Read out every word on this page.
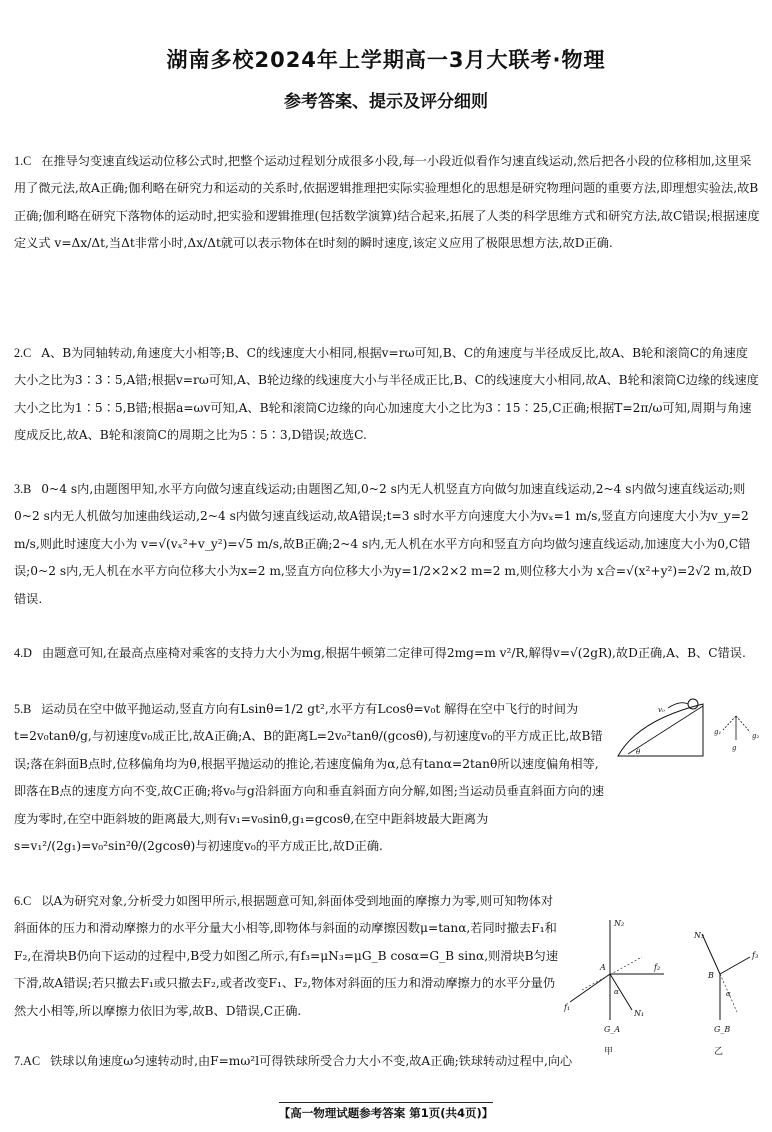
湖南多校2024年上学期高一3月大联考·物理
参考答案、提示及评分细则

1.C 在推导匀变速直线运动位移公式时,把整个运动过程划分成很多小段,每一小段近似看作匀速直线运动,然后把各小段的位移相加,这里采用了微元法,故A正确;伽利略在研究力和运动的关系时,依据逻辑推理把实际实验理想化的思想是研究物理问题的重要方法,即理想实验法,故B正确;伽利略在研究下落物体的运动时,把实验和逻辑推理(包括数学演算)结合起来,拓展了人类的科学思维方式和研究方法,故C错误;根据速度定义式 v=Δx/Δt,当Δt非常小时,Δx/Δt就可以表示物体在t时刻的瞬时速度,该定义应用了极限思想方法,故D正确.

2.C A、B为同轴转动,角速度大小相等;B、C的线速度大小相同,根据v=rω可知,B、C的角速度与半径成反比,故A、B轮和滚筒C的角速度大小之比为3∶3∶5,A错;根据v=rω可知,A、B轮边缘的线速度大小与半径成正比,B、C的线速度大小相同,故A、B轮和滚筒C边缘的线速度大小之比为1∶5∶5,B错;根据a=ωv可知,A、B轮和滚筒C边缘的向心加速度大小之比为3∶15∶25,C正确;根据T=2π/ω可知,周期与角速度成反比,故A、B轮和滚筒C的周期之比为5∶5∶3,D错误;故选C.

3.B 0~4 s内,由题图甲知,水平方向做匀速直线运动;由题图乙知,0~2 s内无人机竖直方向做匀加速直线运动,2~4 s内做匀速直线运动;则0~2 s内无人机做匀加速曲线运动,2~4 s内做匀速直线运动,故A错误;t=3 s时水平方向速度大小为vₓ=1 m/s,竖直方向速度大小为v_y=2 m/s,则此时速度大小为 v=√(vₓ²+v_y²)=√5 m/s,故B正确;2~4 s内,无人机在水平方向和竖直方向均做匀速直线运动,加速度大小为0,C错误;0~2 s内,无人机在水平方向位移大小为x=2 m,竖直方向位移大小为y=1/2×2×2 m=2 m,则位移大小为 x合=√(x²+y²)=2√2 m,故D错误.

4.D 由题意可知,在最高点座椅对乘客的支持力大小为mg,根据牛顿第二定律可得2mg=m v²/R,解得v=√(2gR),故D正确,A、B、C错误.

5.B 运动员在空中做平抛运动,竖直方向有Lsinθ=1/2 gt²,水平方有Lcosθ=v₀t 解得在空中飞行的时间为t=2v₀tanθ/g,与初速度v₀成正比,故A正确;A、B的距离L=2v₀²tanθ/(gcosθ),与初速度v₀的平方成正比,故B错误;落在斜面B点时,位移偏角均为θ,根据平抛运动的推论,若速度偏角为α,总有tanα=2tanθ所以速度偏角相等,即落在B点的速度方向不变,故C正确;将v₀与g沿斜面方向和垂直斜面方向分解,如图;当运动员垂直斜面方向的速度为零时,在空中距斜坡的距离最大,则有v₁=v₀sinθ,g₁=gcosθ,在空中距斜坡最大距离为s=v₁²/(2g₁)=v₀²sin²θ/(2gcosθ)与初速度v₀的平方成正比,故D正确.

6.C 以A为研究对象,分析受力如图甲所示,根据题意可知,斜面体受到地面的摩擦力为零,则可知物体对斜面体的压力和滑动摩擦力的水平分量大小相等,即物体与斜面的动摩擦因数μ=tanα,若同时撤去F₁和F₂,在滑块B仍向下运动的过程中,B受力如图乙所示,有f₃=μN₃=μG_B cosα=G_B sinα,则滑块B匀速下滑,故A错误;若只撤去F₁或只撤去F₂,或者改变F₁、F₂,物体对斜面的压力和滑动摩擦力的水平分量仍然大小相等,所以摩擦力依旧为零,故B、D错误,C正确.

7.AC 铁球以角速度ω匀速转动时,由F=mω²l可得铁球所受合力大小不变,故A正确;铁球转动过程中,向心

v₀
θ	g
g₁	g₂
N₂
A	f₂
f₁
N₁
G_A
α
甲
N₃
B
f₃
G_B
α
乙
【高一物理试题参考答案 第1页(共4页)】
